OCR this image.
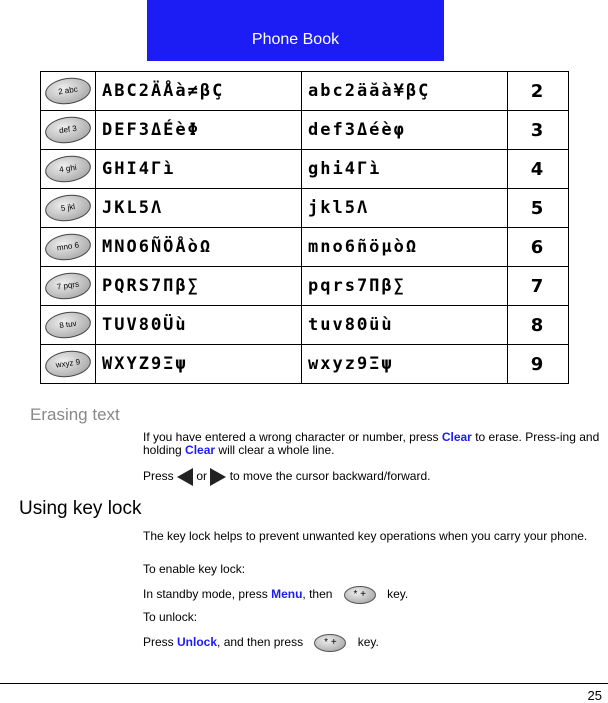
Phone Book
2 abc	ABC2ÄÅà≠βÇ	abc2äăà¥βÇ	2
def 3	DEF3ΔÉèΦ	def3Δéèφ	3
4 ghi	GHI4Γì	ghi4Γì	4
5 jkl	JKL5Λ	jkl5Λ	5
mno 6	MNO6ÑÖÅòΩ	mno6ñöµòΩ	6
7 pqrs	PQRS7Πβ∑	pqrs7Πβ∑	7
8 tuv	TUV8ΘÜù	tuv8Θüù	8
wxyz 9	WXYZ9Ξψ	wxyz9Ξψ	9
Erasing text

If you have entered a wrong character or number, press Clear to erase. Press-ing and holding Clear will clear a whole line.

Press  or  to move the cursor backward/forward.

Using key lock

The key lock helps to prevent unwanted key operations when you carry your phone.

To enable key lock:

In standby mode, press Menu, then * + key.

To unlock:

Press Unlock, and then press * + key.

25
